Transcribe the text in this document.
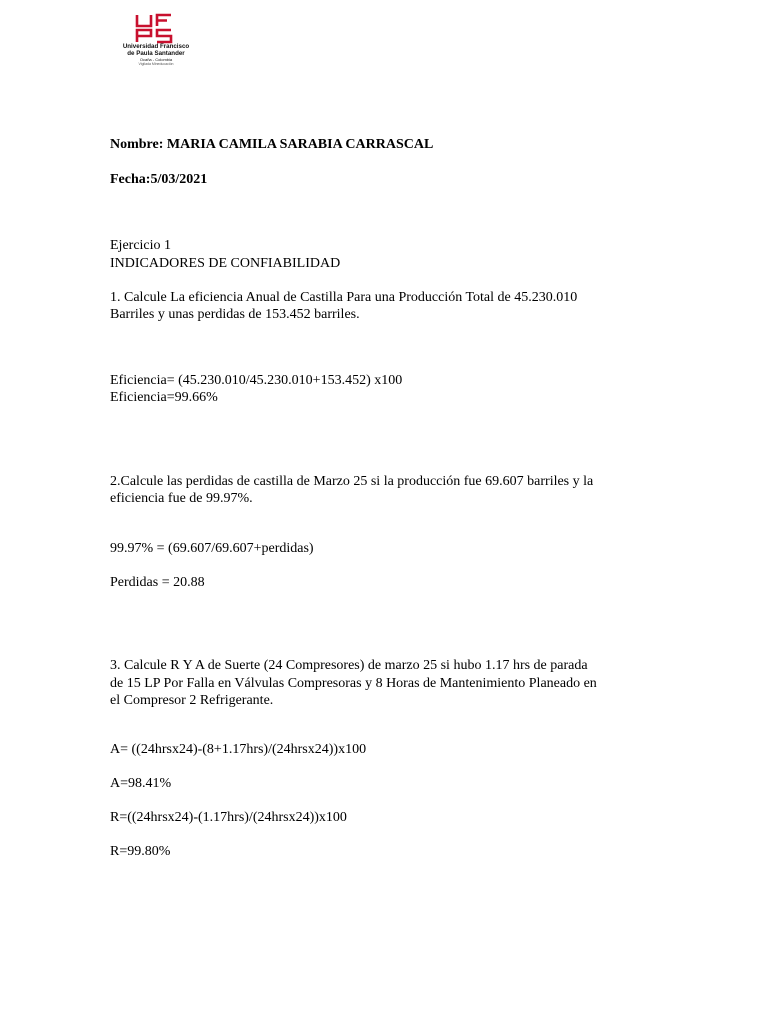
Universidad Francisco
de Paula Santander
Ocaña - Colombia
Vigilada Mineducación
Nombre: MARIA CAMILA SARABIA CARRASCAL
Fecha:5/03/2021
Ejercicio 1
INDICADORES DE CONFIABILIDAD
1. Calcule La eficiencia Anual de Castilla Para una Producción Total de 45.230.010
Barriles y unas perdidas de 153.452 barriles.
Eficiencia= (45.230.010/45.230.010+153.452) x100
Eficiencia=99.66%
2.Calcule las perdidas de castilla de Marzo 25 si la producción fue 69.607 barriles y la
eficiencia fue de 99.97%.
99.97% = (69.607/69.607+perdidas)
Perdidas = 20.88
3. Calcule R Y A de Suerte (24 Compresores) de marzo 25 si hubo 1.17 hrs de parada
de 15 LP Por Falla en Válvulas Compresoras y 8 Horas de Mantenimiento Planeado en
el Compresor 2 Refrigerante.
A= ((24hrsx24)-(8+1.17hrs)/(24hrsx24))x100
A=98.41%
R=((24hrsx24)-(1.17hrs)/(24hrsx24))x100
R=99.80%
